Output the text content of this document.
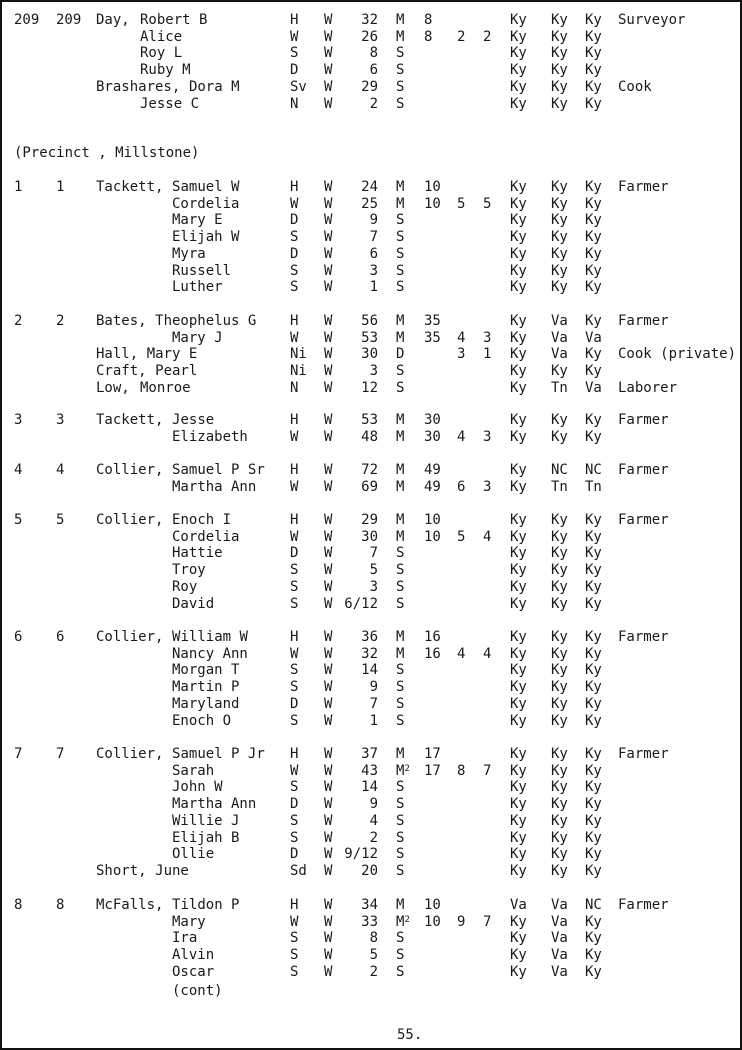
(Precinct , Millstone)
(cont)
55.
209 209 Day, Robert B	H W	32 M 8	Ky Ky Ky Surveyor
Alice	W W	26 M 8 2 2 Ky Ky Ky
Roy L	S W	8 S	Ky Ky Ky
Ruby M	D W	6 S	Ky Ky Ky
Brashares, Dora M	Sv W	29 S	Ky Ky Ky Cook
Jesse C	N W	2 S	Ky Ky Ky
1 1 Tackett, Samuel W	H W	24 M 10	Ky Ky Ky Farmer
Cordelia	W W	25 M 10 5 5 Ky Ky Ky
Mary E	D W	9 S	Ky Ky Ky
Elijah W	S W	7 S	Ky Ky Ky
Myra	D W	6 S	Ky Ky Ky
Russell	S W	3 S	Ky Ky Ky
Luther	S W	1 S	Ky Ky Ky
2 2 Bates, Theophelus G H W	56 M 35	Ky Va Ky Farmer
Mary J	W W	53 M 35 4 3 Ky Va Va
Hall, Mary E	Ni W	30 D	3 1 Ky Va Ky Cook (private)
Craft, Pearl	Ni W	3 S	Ky Ky Ky
Low, Monroe	N W	12 S	Ky Tn Va Laborer
3 3 Tackett, Jesse	H W	53 M 30	Ky Ky Ky Farmer
Elizabeth	W W	48 M 30 4 3 Ky Ky Ky
4 4 Collier, Samuel P Sr H W	72 M 49	Ky NC NC Farmer
Martha Ann W W	69 M 49 6 3 Ky Tn Tn
5 5 Collier, Enoch I	H W	29 M 10	Ky Ky Ky Farmer
Cordelia	W W	30 M 10 5 4 Ky Ky Ky
Hattie	D W	7 S	Ky Ky Ky
Troy	S W	5 S	Ky Ky Ky
Roy	S W	3 S	Ky Ky Ky
David	S W 6/12 S	Ky Ky Ky
6 6 Collier, William W	H W	36 M 16	Ky Ky Ky Farmer
Nancy Ann	W W	32 M 16 4 4 Ky Ky Ky
Morgan T	S W	14 S	Ky Ky Ky
Martin P	S W	9 S	Ky Ky Ky
Maryland	D W	7 S	Ky Ky Ky
Enoch O	S W	1 S	Ky Ky Ky
7 7 Collier, Samuel P Jr H W	37 M 17	Ky Ky Ky Farmer
Sarah	W W	43 $M^2$ 17 8 7 Ky Ky Ky
John W	S W	14 S	Ky Ky Ky
Martha Ann D W	9 S	Ky Ky Ky
Willie J	S W	4 S	Ky Ky Ky
Elijah B	S W	2 S	Ky Ky Ky
Ollie	D W 9/12 S	Ky Ky Ky
Short, June	Sd W	20 S	Ky Ky Ky
8 8 McFalls, Tildon P	H W	34 M 10	Va Va NC Farmer
Mary	W W	33 $M^2$ 10 9 7 Ky Va Ky
Ira	S W	8 S	Ky Va Ky
Alvin	S W	5 S	Ky Va Ky
Oscar	S W	2 S	Ky Va Ky
